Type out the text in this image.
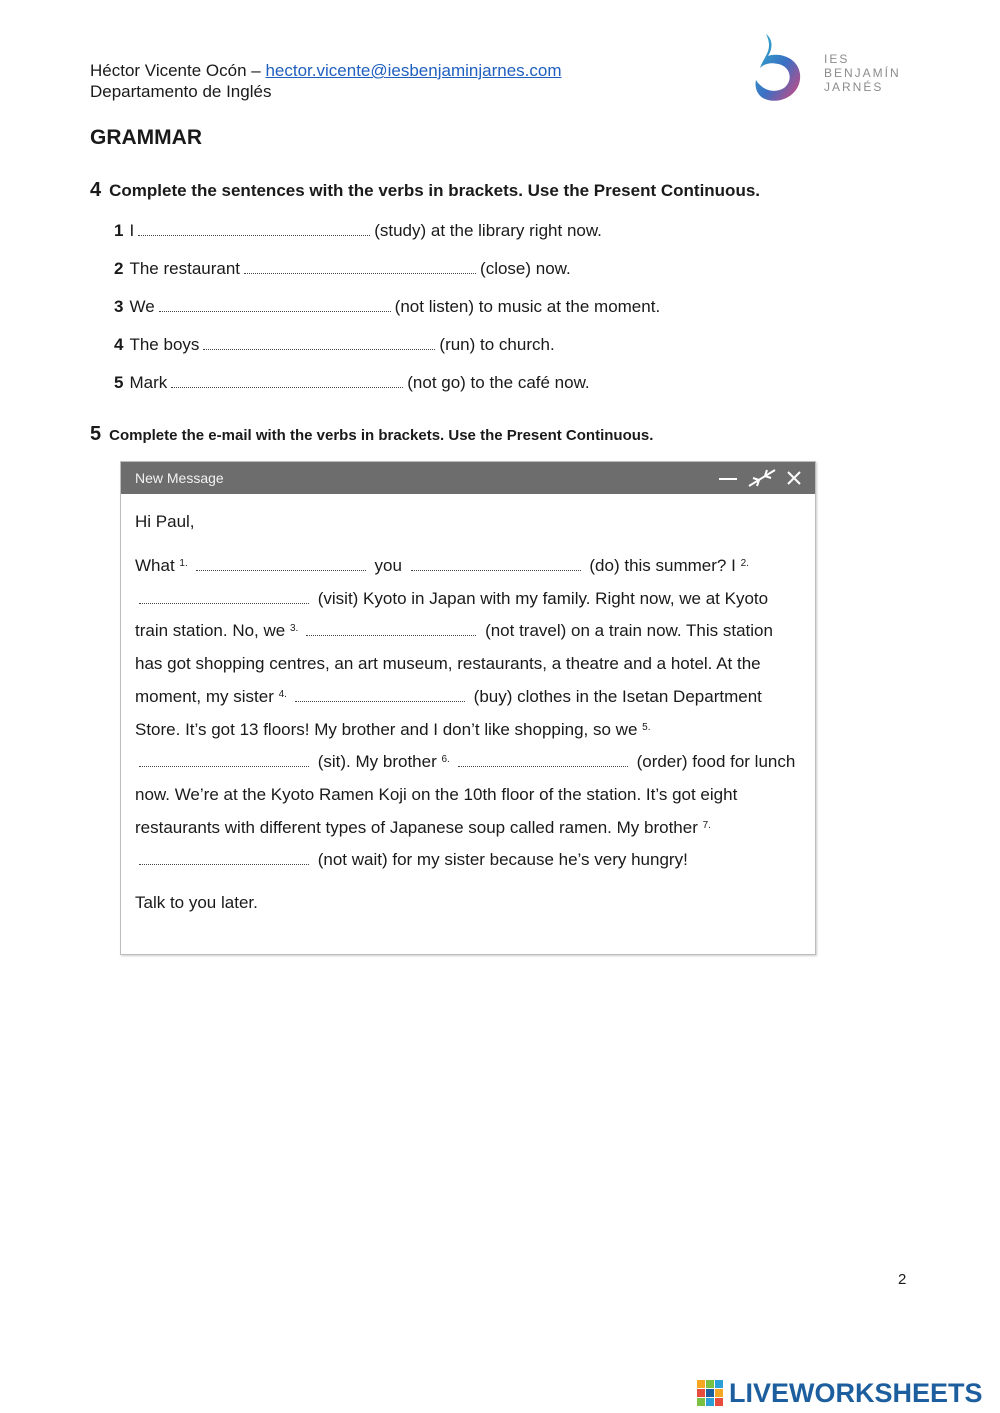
Héctor Vicente Ocón – hector.vicente@iesbenjaminjarnes.com
Departamento de Inglés
IES
BENJAMÍN
JARNÉS
GRAMMAR
4 Complete the sentences with the verbs in brackets. Use the Present Continuous.
1 I	(study) at the library right now.
2 The restaurant	(close) now.
3 We	(not listen) to music at the moment.
4 The boys	(run) to church.
5 Mark	(not go) to the café now.
5 Complete the e-mail with the verbs in brackets. Use the Present Continuous.
New Message
Hi Paul,
What $^{1.}$	you	(do) this summer? I $^{2.}$ (visit) Kyoto in Japan with my family. Right now, we at Kyoto train station. No, we $^{3.}$	(not travel) on a train now. This station has got shopping centres, an art museum, restaurants, a theatre and a hotel. At the moment, my sister $^{4.}$	(buy) clothes in the Isetan Department Store. It’s got 13 floors! My brother and I don’t like shopping, so we $^{5.}$ (sit). My brother $^{6.}$	(order) food for lunch now. We’re at the Kyoto Ramen Koji on the 10th floor of the station. It’s got eight restaurants with different types of Japanese soup called ramen. My brother $^{7.}$ (not wait) for my sister because he’s very hungry!
Talk to you later.
2
LIVEWORKSHEETS
